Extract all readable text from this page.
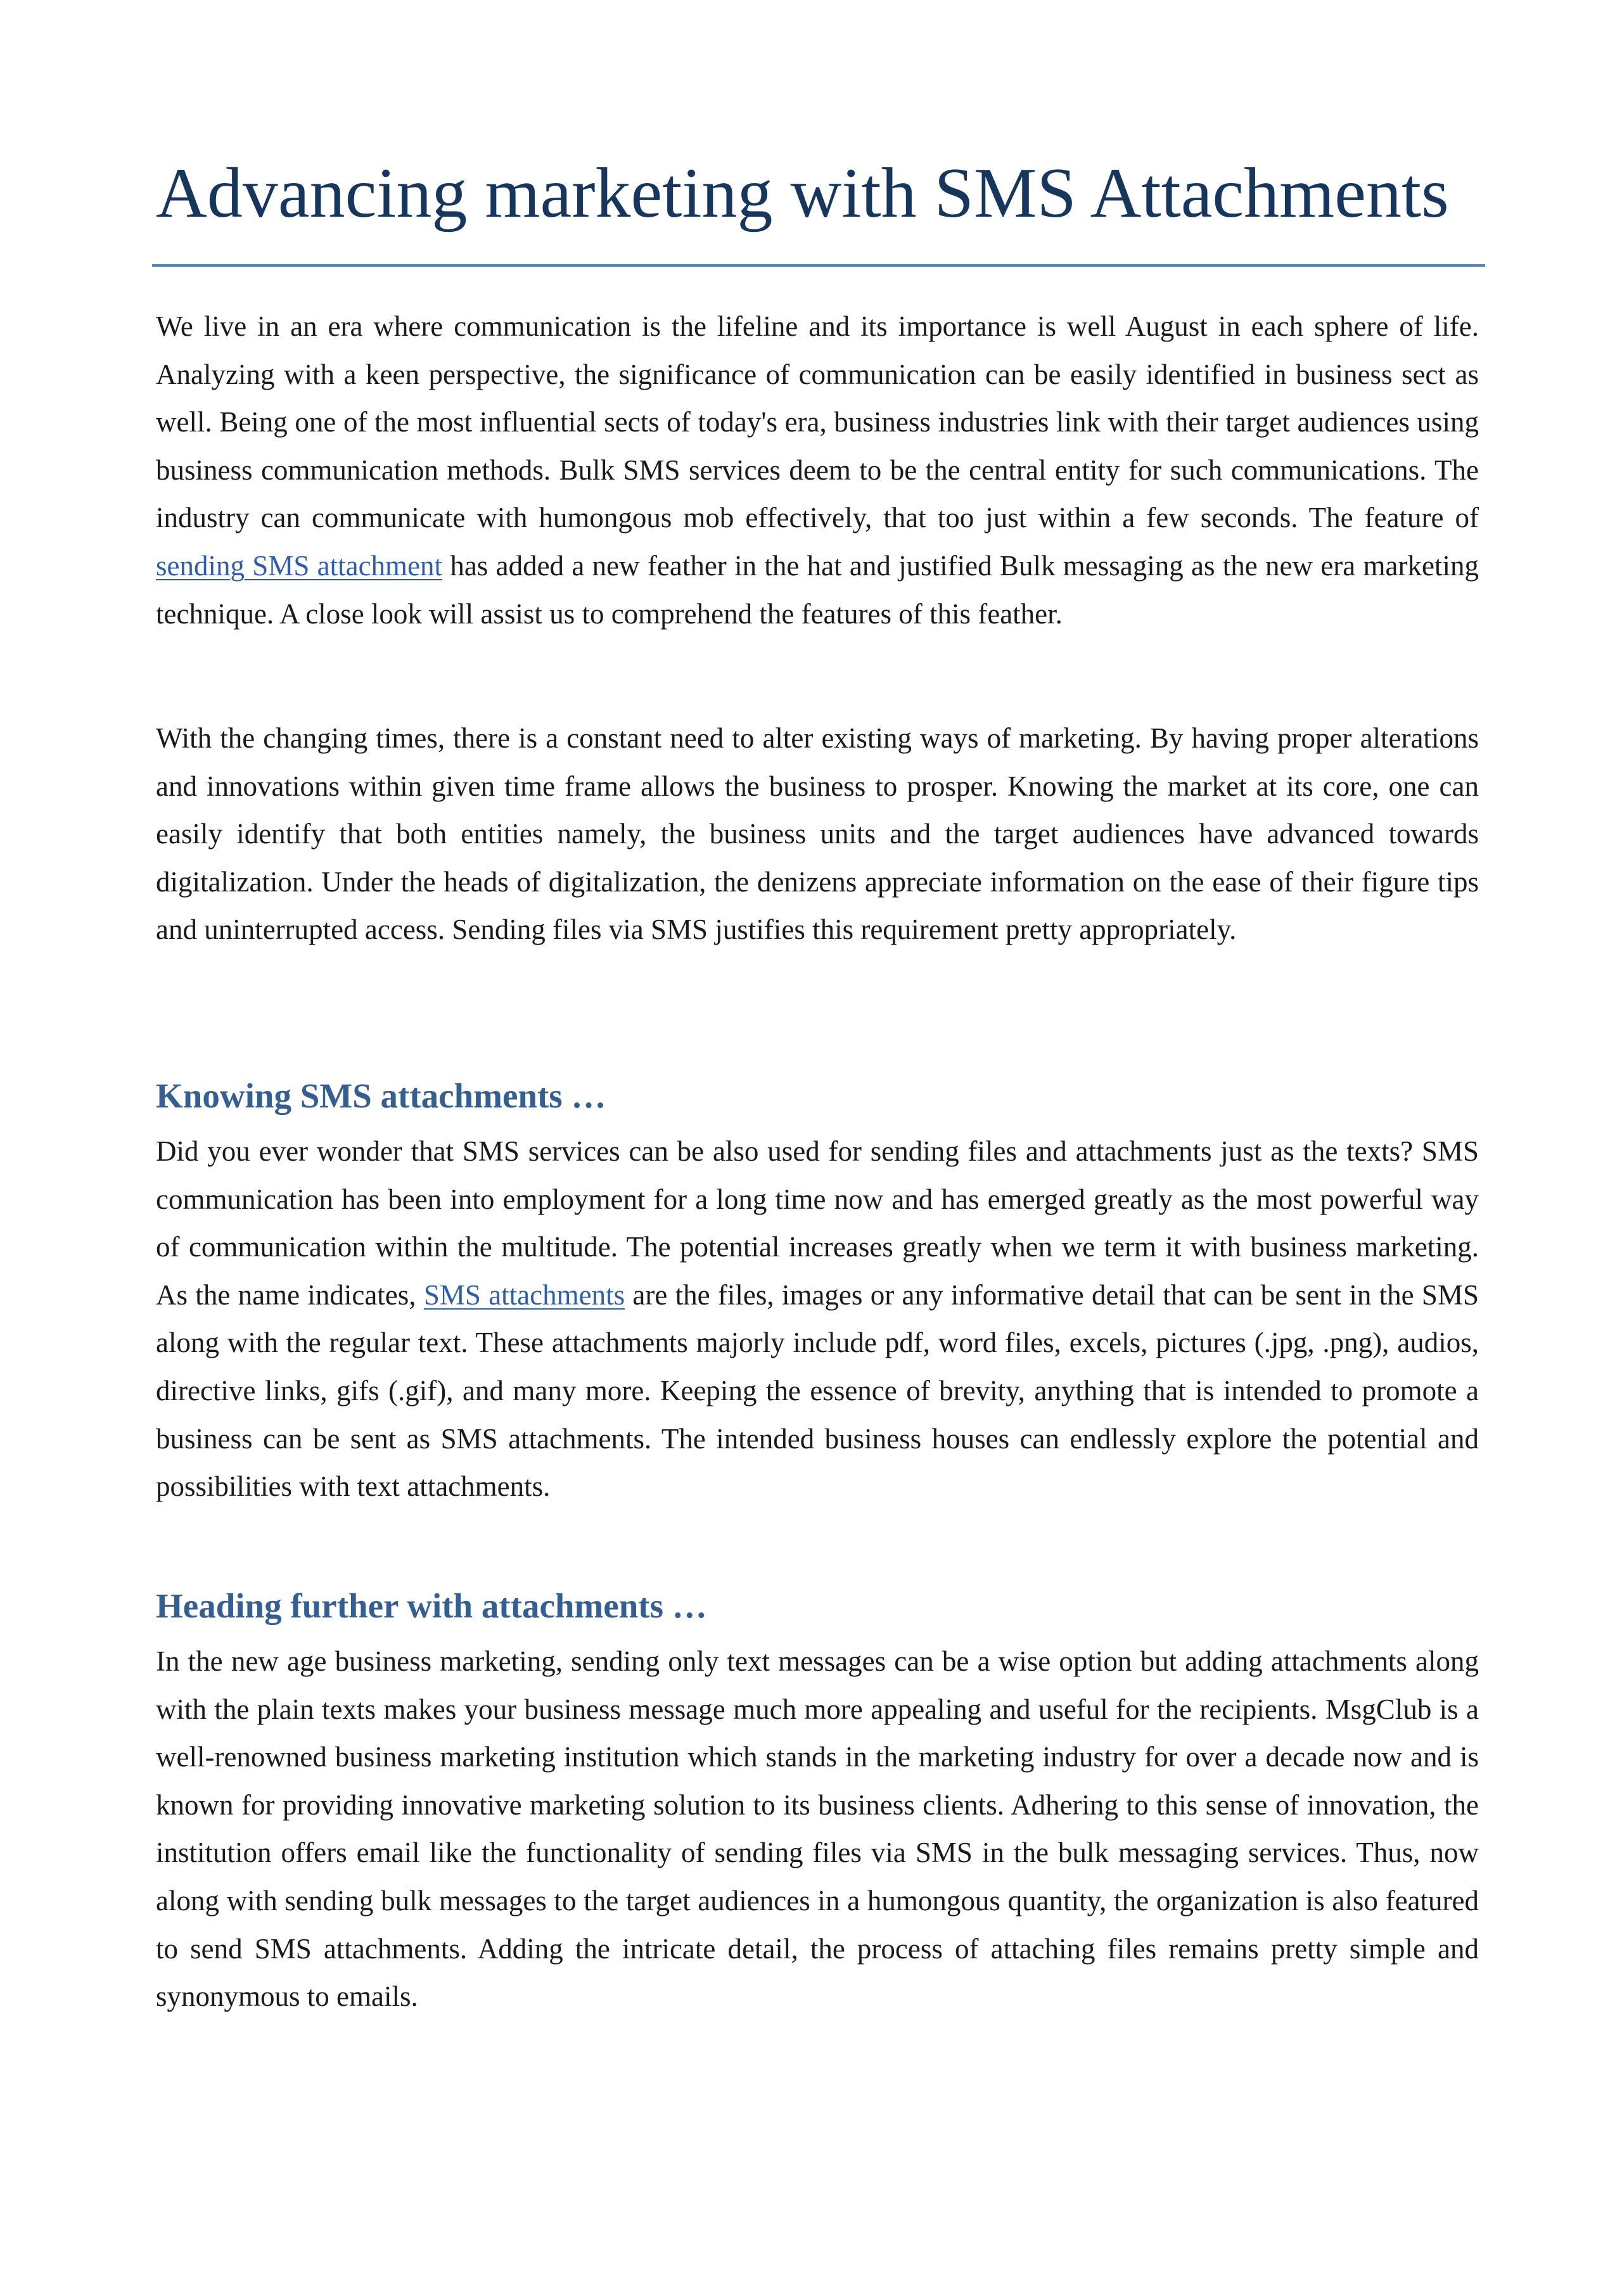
Advancing marketing with SMS Attachments

We live in an era where communication is the lifeline and its importance is well August in each sphere of life. Analyzing with a keen perspective, the significance of communication can be easily identified in business sect as well. Being one of the most influential sects of today's era, business industries link with their target audiences using business communication methods. Bulk SMS services deem to be the central entity for such communications. The industry can communicate with humongous mob effectively, that too just within a few seconds. The feature of sending SMS attachment has added a new feather in the hat and justified Bulk messaging as the new era marketing technique. A close look will assist us to comprehend the features of this feather.

With the changing times, there is a constant need to alter existing ways of marketing. By having proper alterations and innovations within given time frame allows the business to prosper. Knowing the market at its core, one can easily identify that both entities namely, the business units and the target audiences have advanced towards digitalization. Under the heads of digitalization, the denizens appreciate information on the ease of their figure tips and uninterrupted access. Sending files via SMS justifies this requirement pretty appropriately.

Knowing SMS attachments …

Did you ever wonder that SMS services can be also used for sending files and attachments just as the texts? SMS communication has been into employment for a long time now and has emerged greatly as the most powerful way of communication within the multitude. The potential increases greatly when we term it with business marketing. As the name indicates, SMS attachments are the files, images or any informative detail that can be sent in the SMS along with the regular text. These attachments majorly include pdf, word files, excels, pictures (.jpg, .png), audios, directive links, gifs (.gif), and many more. Keeping the essence of brevity, anything that is intended to promote a business can be sent as SMS attachments. The intended business houses can endlessly explore the potential and possibilities with text attachments.

Heading further with attachments …

In the new age business marketing, sending only text messages can be a wise option but adding attachments along with the plain texts makes your business message much more appealing and useful for the recipients. MsgClub is a well-renowned business marketing institution which stands in the marketing industry for over a decade now and is known for providing innovative marketing solution to its business clients. Adhering to this sense of innovation, the institution offers email like the functionality of sending files via SMS in the bulk messaging services. Thus, now along with sending bulk messages to the target audiences in a humongous quantity, the organization is also featured to send SMS attachments. Adding the intricate detail, the process of attaching files remains pretty simple and synonymous to emails.
